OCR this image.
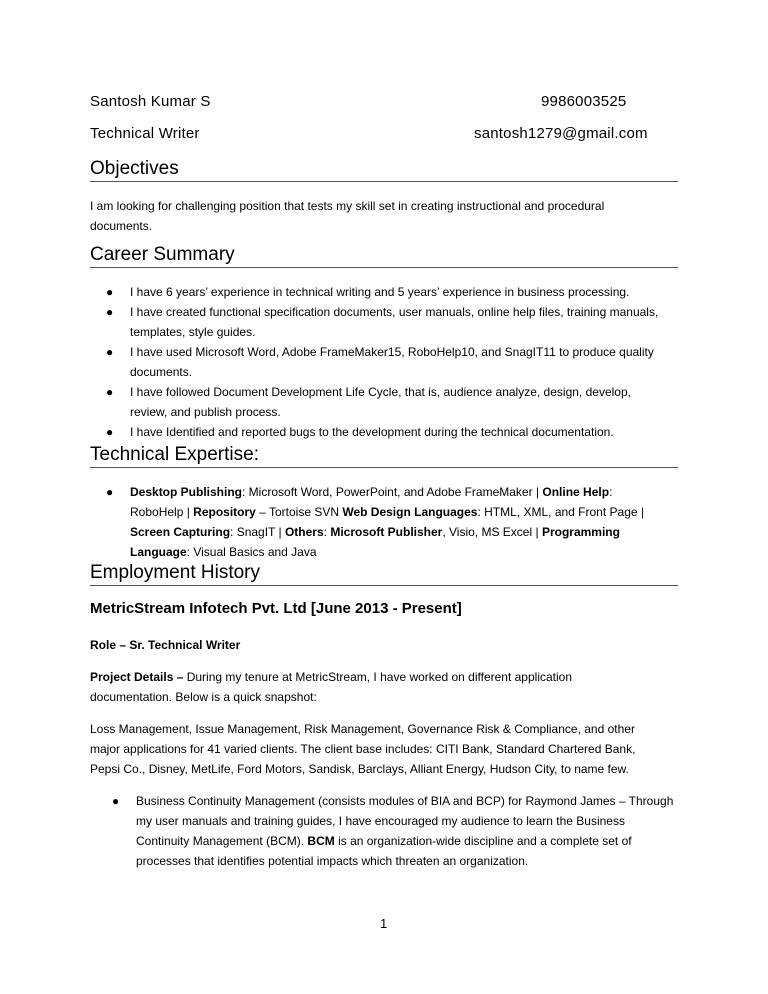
Santosh Kumar S	9986003525
Technical Writer	santosh1279@gmail.com
Objectives
I am looking for challenging position that tests my skill set in creating instructional and procedural documents.
Career Summary
● I have 6 years’ experience in technical writing and 5 years’ experience in business processing.
● I have created functional specification documents, user manuals, online help files, training manuals, templates, style guides.
● I have used Microsoft Word, Adobe FrameMaker15, RoboHelp10, and SnagIT11 to produce quality documents.
● I have followed Document Development Life Cycle, that is, audience analyze, design, develop, review, and publish process.
● I have Identified and reported bugs to the development during the technical documentation.
Technical Expertise:
● Desktop Publishing: Microsoft Word, PowerPoint, and Adobe FrameMaker | Online Help: RoboHelp | Repository – Tortoise SVN Web Design Languages: HTML, XML, and Front Page | Screen Capturing: SnagIT | Others: Microsoft Publisher, Visio, MS Excel | Programming Language: Visual Basics and Java
Employment History
MetricStream Infotech Pvt. Ltd [June 2013 - Present]
Role – Sr. Technical Writer
Project Details – During my tenure at MetricStream, I have worked on different application documentation. Below is a quick snapshot:
Loss Management, Issue Management, Risk Management, Governance Risk & Compliance, and other major applications for 41 varied clients. The client base includes: CITI Bank, Standard Chartered Bank, Pepsi Co., Disney, MetLife, Ford Motors, Sandisk, Barclays, Alliant Energy, Hudson City, to name few.
● Business Continuity Management (consists modules of BIA and BCP) for Raymond James – Through my user manuals and training guides, I have encouraged my audience to learn the Business Continuity Management (BCM). BCM is an organization-wide discipline and a complete set of processes that identifies potential impacts which threaten an organization.
1
